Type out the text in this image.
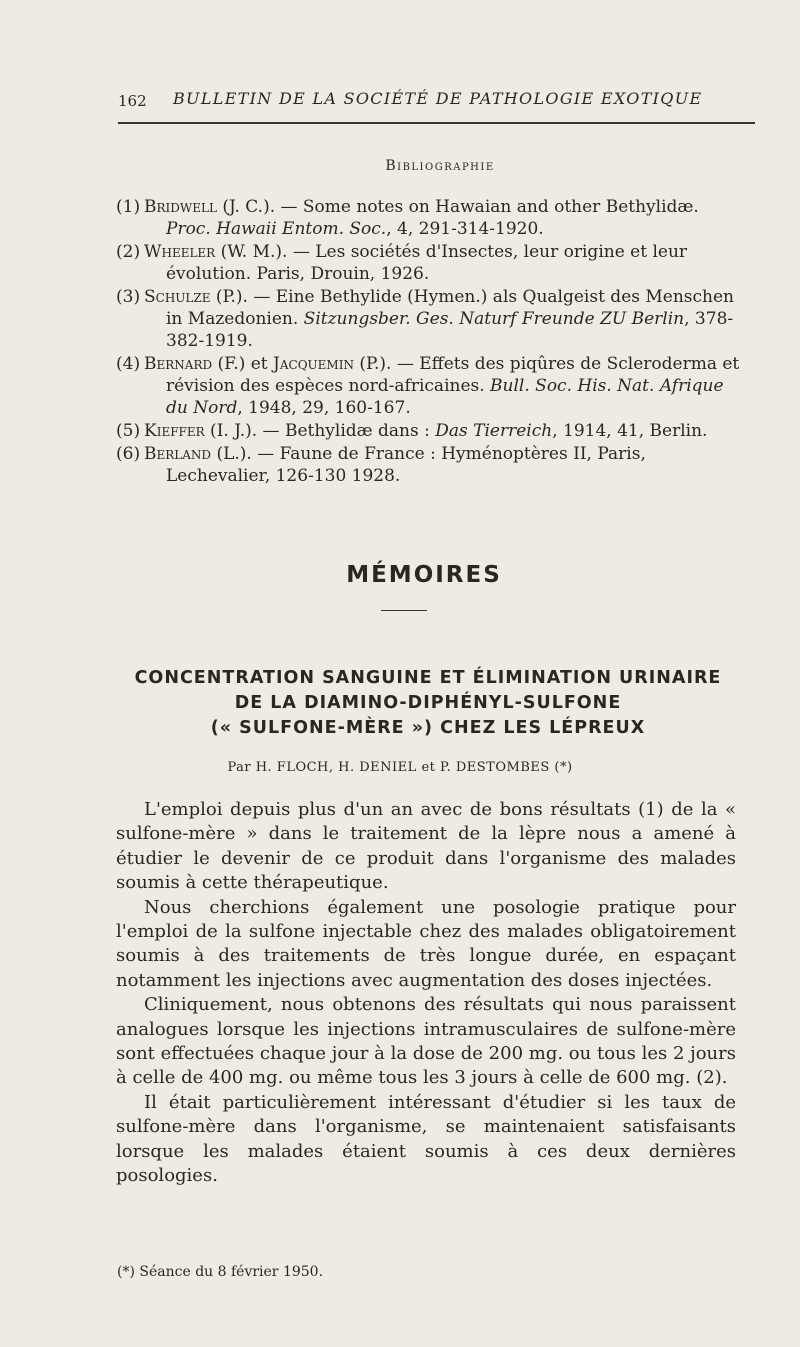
162 BULLETIN DE LA SOCIÉTÉ DE PATHOLOGIE EXOTIQUE
Bibliographie

(1) Bridwell (J. C.). — Some notes on Hawaian and other Bethylidæ. Proc. Hawaii Entom. Soc., 4, 291-314-1920.

(2) Wheeler (W. M.). — Les sociétés d'Insectes, leur origine et leur évolution. Paris, Drouin, 1926.

(3) Schulze (P.). — Eine Bethylide (Hymen.) als Qualgeist des Menschen in Mazedonien. Sitzungsber. Ges. Naturf Freunde ZU Berlin, 378-382-1919.

(4) Bernard (F.) et Jacquemin (P.). — Effets des piqûres de Scleroderma et révision des espèces nord-africaines. Bull. Soc. His. Nat. Afrique du Nord, 1948, 29, 160-167.

(5) Kieffer (I. J.). — Bethylidæ dans : Das Tierreich, 1914, 41, Berlin.

(6) Berland (L.). — Faune de France : Hyménoptères II, Paris, Lechevalier, 126-130 1928.

MÉMOIRES
CONCENTRATION SANGUINE ET ÉLIMINATION URINAIRE
DE LA DIAMINO-DIPHÉNYL-SULFONE
(« SULFONE-MÈRE ») CHEZ LES LÉPREUX
Par H. FLOCH, H. DENIEL et P. DESTOMBES (*)

L'emploi depuis plus d'un an avec de bons résultats (1) de la « sulfone-mère » dans le traitement de la lèpre nous a amené à étudier le devenir de ce produit dans l'organisme des malades soumis à cette thérapeutique.

Nous cherchions également une posologie pratique pour l'emploi de la sulfone injectable chez des malades obligatoirement soumis à des traitements de très longue durée, en espaçant notamment les injections avec augmentation des doses injectées.

Cliniquement, nous obtenons des résultats qui nous paraissent analogues lorsque les injections intramusculaires de sulfone-mère sont effectuées chaque jour à la dose de 200 mg. ou tous les 2 jours à celle de 400 mg. ou même tous les 3 jours à celle de 600 mg. (2).

Il était particulièrement intéressant d'étudier si les taux de sulfone-mère dans l'organisme, se maintenaient satisfaisants lorsque les malades étaient soumis à ces deux dernières posologies.

(*) Séance du 8 février 1950.
